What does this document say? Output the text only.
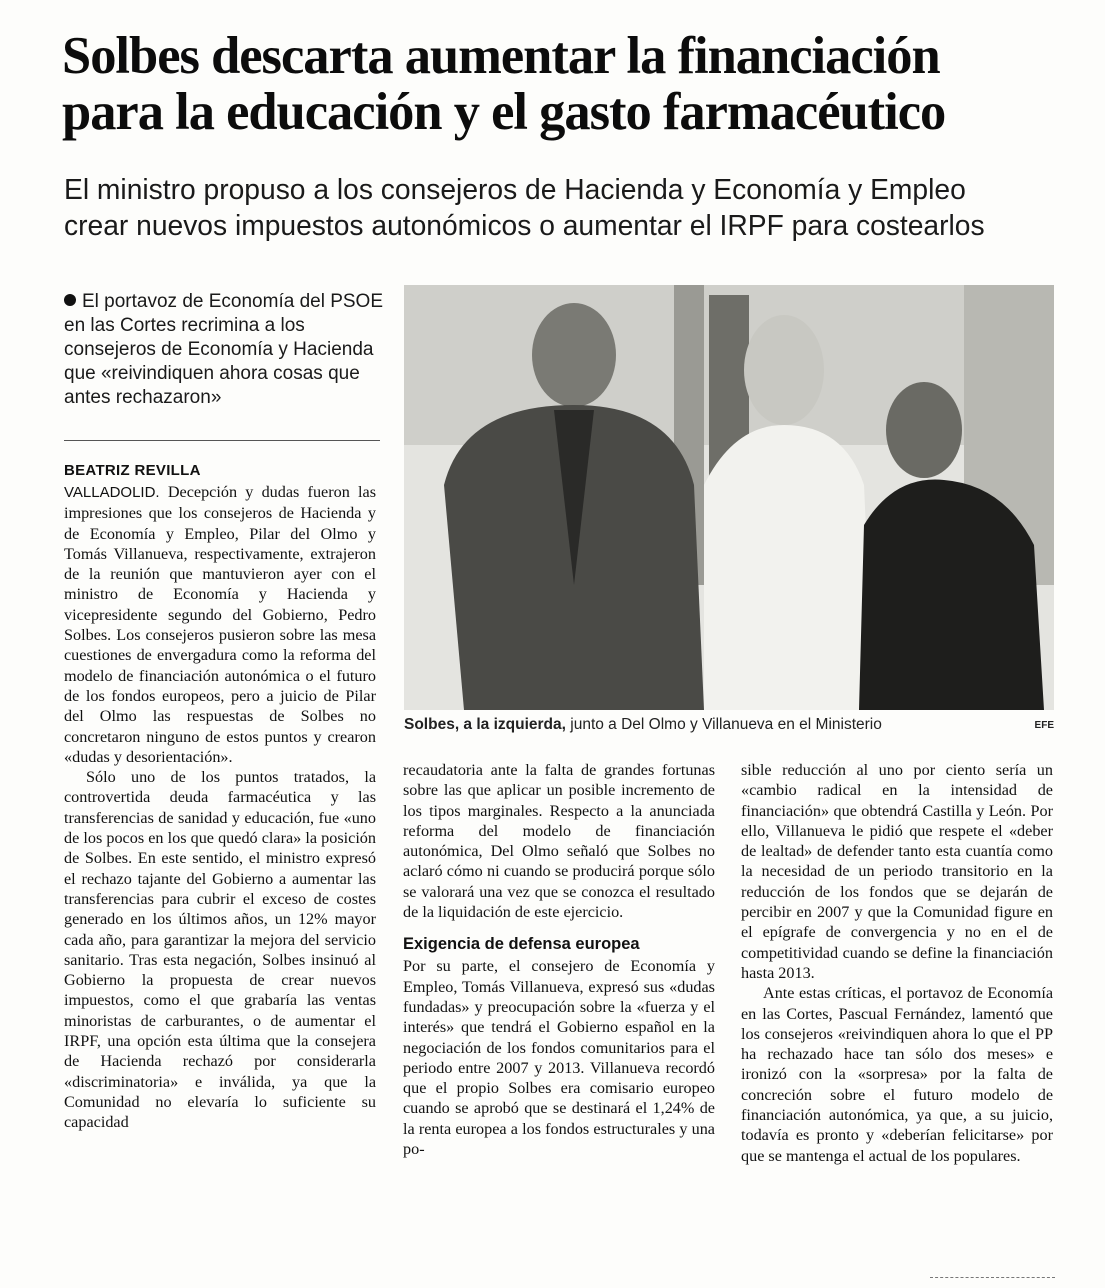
Solbes descarta aumentar la financiación
para la educación y el gasto farmacéutico
El ministro propuso a los consejeros de Hacienda y Economía y Empleo
crear nuevos impuestos autonómicos o aumentar el IRPF para costearlos
El portavoz de Economía del PSOE en las Cortes recrimina a los consejeros de Economía y Hacienda que «reivindiquen ahora cosas que antes rechazaron»
BEATRIZ REVILLA

VALLADOLID. Decepción y dudas fueron las impresiones que los consejeros de Hacienda y de Economía y Empleo, Pilar del Olmo y Tomás Villanueva, respectivamente, extrajeron de la reunión que mantuvieron ayer con el ministro de Economía y Hacienda y vicepresidente segundo del Gobierno, Pedro Solbes. Los consejeros pusieron sobre las mesa cuestiones de envergadura como la reforma del modelo de financiación autonómica o el futuro de los fondos europeos, pero a juicio de Pilar del Olmo las respuestas de Solbes no concretaron ninguno de estos puntos y crearon «dudas y desorientación».

Sólo uno de los puntos tratados, la controvertida deuda farmacéutica y las transferencias de sanidad y educación, fue «uno de los pocos en los que quedó clara» la posición de Solbes. En este sentido, el ministro expresó el rechazo tajante del Gobierno a aumentar las transferencias para cubrir el exceso de costes generado en los últimos años, un 12% mayor cada año, para garantizar la mejora del servicio sanitario. Tras esta negación, Solbes insinuó al Gobierno la propuesta de crear nuevos impuestos, como el que grabaría las ventas minoristas de carburantes, o de aumentar el IRPF, una opción esta última que la consejera de Hacienda rechazó por considerarla «discriminatoria» e inválida, ya que la Comunidad no elevaría lo suficiente su capacidad

Solbes, a la izquierda, junto a Del Olmo y Villanueva en el Ministerio	EFE

recaudatoria ante la falta de grandes fortunas sobre las que aplicar un posible incremento de los tipos marginales. Respecto a la anunciada reforma del modelo de financiación autonómica, Del Olmo señaló que Solbes no aclaró cómo ni cuando se producirá porque sólo se valorará una vez que se conozca el resultado de la liquidación de este ejercicio.

Exigencia de defensa europea

Por su parte, el consejero de Economía y Empleo, Tomás Villanueva, expresó sus «dudas fundadas» y preocupación sobre la «fuerza y el interés» que tendrá el Gobierno español en la negociación de los fondos comunitarios para el periodo entre 2007 y 2013. Villanueva recordó que el propio Solbes era comisario europeo cuando se aprobó que se destinará el 1,24% de la renta europea a los fondos estructurales y una po-

sible reducción al uno por ciento sería un «cambio radical en la intensidad de financiación» que obtendrá Castilla y León. Por ello, Villanueva le pidió que respete el «deber de lealtad» de defender tanto esta cuantía como la necesidad de un periodo transitorio en la reducción de los fondos que se dejarán de percibir en 2007 y que la Comunidad figure en el epígrafe de convergencia y no en el de competitividad cuando se define la financiación hasta 2013.

Ante estas críticas, el portavoz de Economía en las Cortes, Pascual Fernández, lamentó que los consejeros «reivindiquen ahora lo que el PP ha rechazado hace tan sólo dos meses» e ironizó con la «sorpresa» por la falta de concreción sobre el futuro modelo de financiación autonómica, ya que, a su juicio, todavía es pronto y «deberían felicitarse» por que se mantenga el actual de los populares.
